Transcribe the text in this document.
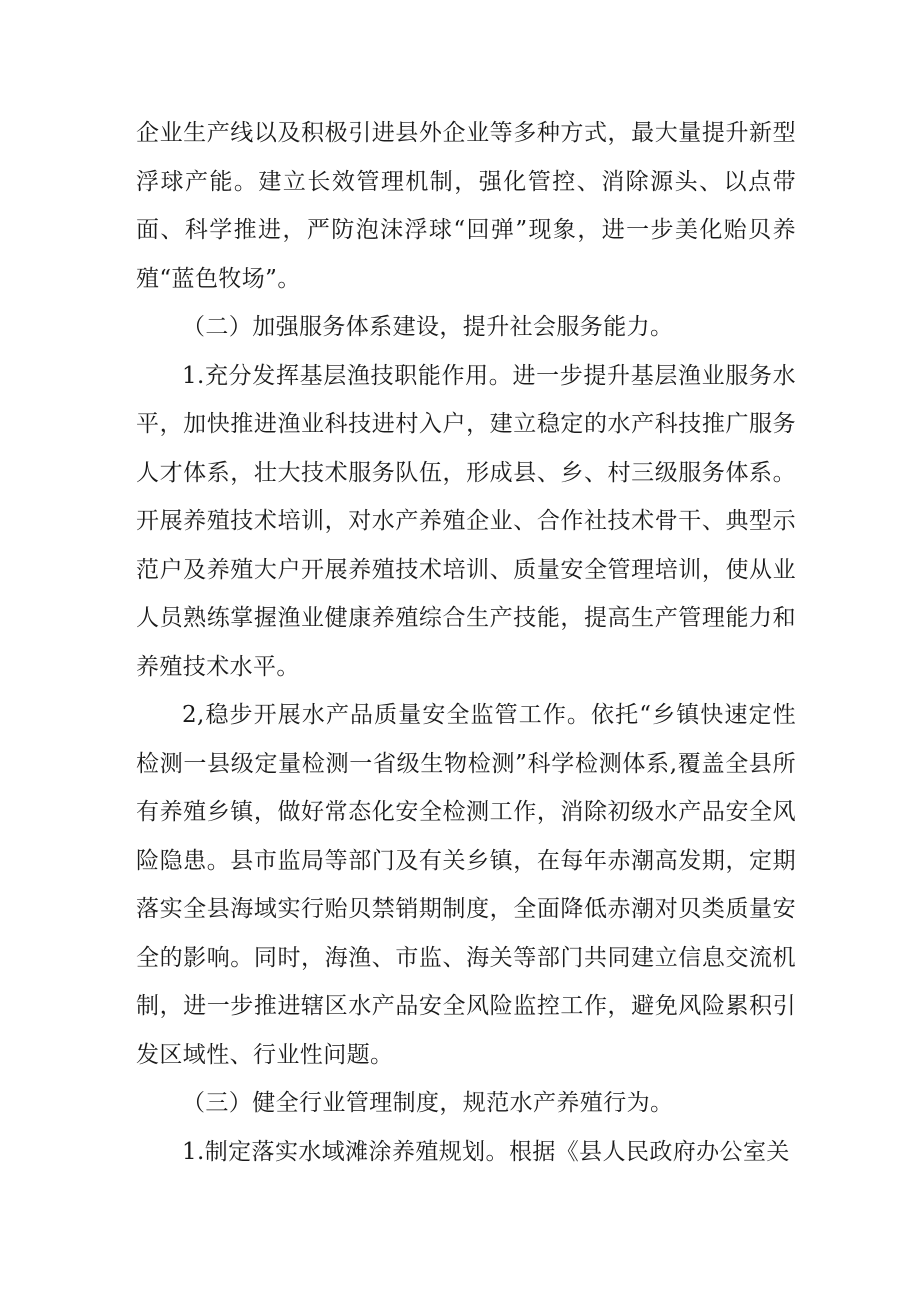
企业生产线以及积极引进县外企业等多种方式，最大量提升新型浮球产能。建立长效管理机制，强化管控、消除源头、以点带面、科学推进，严防泡沫浮球“回弹”现象，进一步美化贻贝养殖“蓝色牧场”。

（二）加强服务体系建设，提升社会服务能力。

1.充分发挥基层渔技职能作用。进一步提升基层渔业服务水平，加快推进渔业科技进村入户，建立稳定的水产科技推广服务人才体系，壮大技术服务队伍，形成县、乡、村三级服务体系。开展养殖技术培训，对水产养殖企业、合作社技术骨干、典型示范户及养殖大户开展养殖技术培训、质量安全管理培训，使从业人员熟练掌握渔业健康养殖综合生产技能，提高生产管理能力和养殖技术水平。

2,稳步开展水产品质量安全监管工作。依托“乡镇快速定性检测一县级定量检测一省级生物检测”科学检测体系,覆盖全县所有养殖乡镇，做好常态化安全检测工作，消除初级水产品安全风险隐患。县市监局等部门及有关乡镇，在每年赤潮高发期，定期落实全县海域实行贻贝禁销期制度，全面降低赤潮对贝类质量安全的影响。同时，海渔、市监、海关等部门共同建立信息交流机制，进一步推进辖区水产品安全风险监控工作，避免风险累积引发区域性、行业性问题。

（三）健全行业管理制度，规范水产养殖行为。

1.制定落实水域滩涂养殖规划。根据《县人民政府办公室关
